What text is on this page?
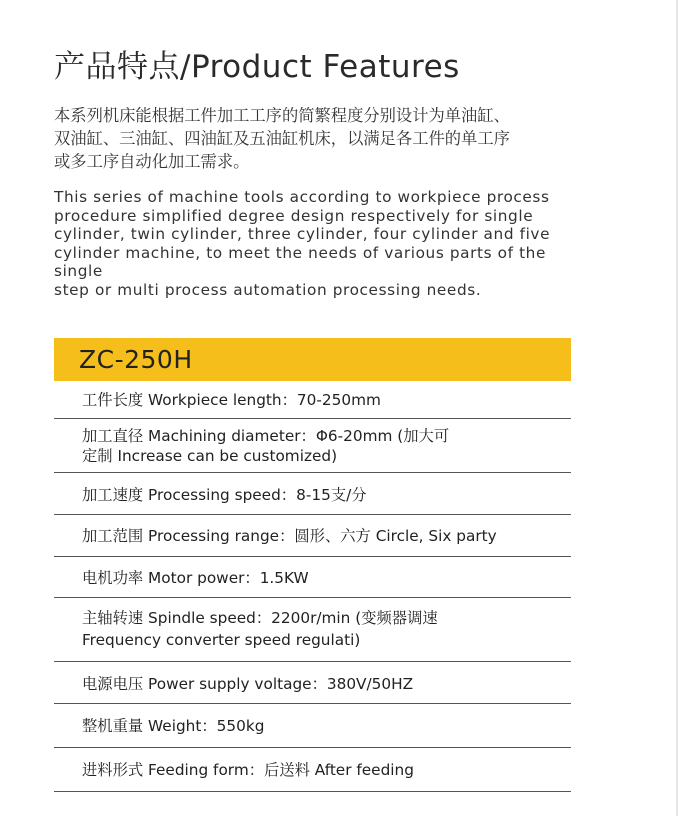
产品特点/Product Features
本系列机床能根据工件加工工序的简繁程度分别设计为单油缸、
双油缸、三油缸、四油缸及五油缸机床，以满足各工件的单工序
或多工序自动化加工需求。
This series of machine tools according to workpiece process
procedure simplified degree design respectively for single
cylinder, twin cylinder, three cylinder, four cylinder and five
cylinder machine, to meet the needs of various parts of the single
step or multi process automation processing needs.
ZC-250H
工件长度 Workpiece length：70-250mm
加工直径 Machining diameter：Φ6-20mm (加大可
定制 Increase can be customized)
加工速度 Processing speed：8-15支/分
加工范围 Processing range：圆形、六方 Circle, Six party
电机功率 Motor power：1.5KW
主轴转速 Spindle speed：2200r/min (变频器调速
Frequency converter speed regulati)
电源电压 Power supply voltage：380V/50HZ
整机重量 Weight：550kg
进料形式 Feeding form：后送料 After feeding
